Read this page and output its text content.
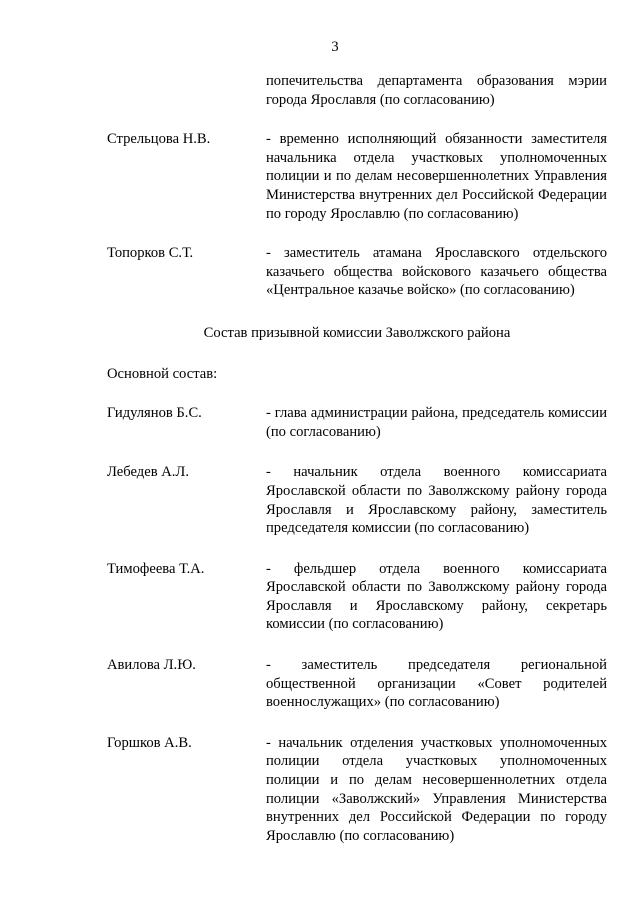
3
попечительства департамента образования мэрии города Ярославля (по согласованию)
Стрельцова Н.В.	- временно исполняющий обязанности заместителя начальника отдела участковых уполномоченных полиции и по делам несовершеннолетних Управления Министерства внутренних дел Российской Федерации по городу Ярославлю (по согласованию)
Топорков С.Т.	- заместитель атамана Ярославского отдельского казачьего общества войскового казачьего общества «Центральное казачье войско» (по согласованию)
Состав призывной комиссии Заволжского района
Основной состав:
Гидулянов Б.С.	- глава администрации района, председатель комиссии (по согласованию)
Лебедев А.Л.	- начальник отдела военного комиссариата Ярославской области по Заволжскому району города Ярославля и Ярославскому району, заместитель председателя комиссии (по согласованию)
Тимофеева Т.А.	- фельдшер отдела военного комиссариата Ярославской области по Заволжскому району города Ярославля и Ярославскому району, секретарь комиссии (по согласованию)
Авилова Л.Ю.	- заместитель председателя региональной общественной организации «Совет родителей военнослужащих» (по согласованию)
Горшков А.В.	- начальник отделения участковых уполномоченных полиции отдела участковых уполномоченных полиции и по делам несовершеннолетних отдела полиции «Заволжский» Управления Министерства внутренних дел Российской Федерации по городу Ярославлю (по согласованию)
